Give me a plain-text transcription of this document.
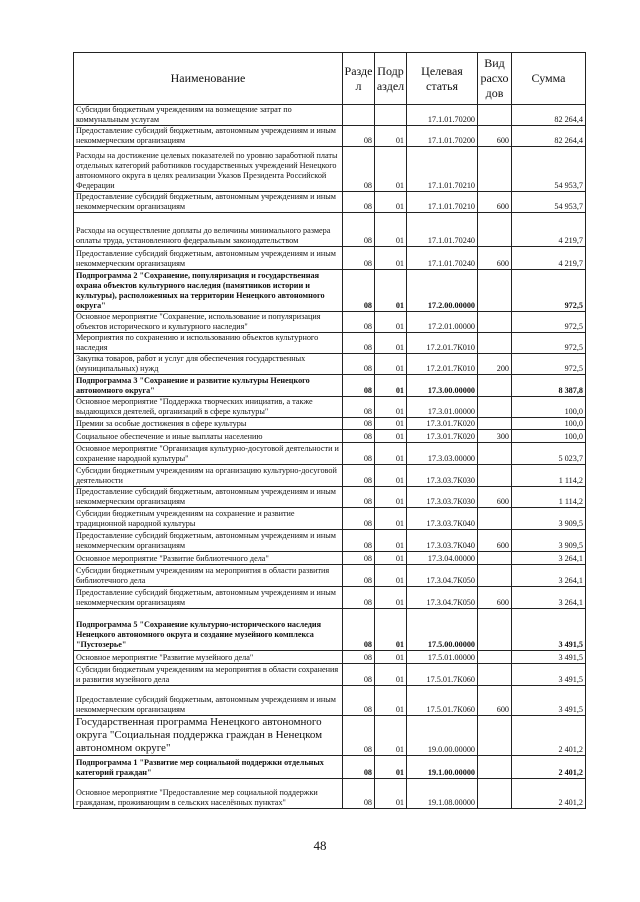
Наименование	Разде л	Подр аздел	Целевая статья	Вид расхо дов	Сумма
Субсидии бюджетным учреждениям на возмещение затрат по коммунальным услугам			17.1.01.70200		82 264,4
Предоставление субсидий бюджетным, автономным учреждениям и иным некоммерческим организациям	08	01	17.1.01.70200	600	82 264,4
Расходы на достижение целевых показателей по уровню заработной платы отдельных категорий работников государственных учреждений Ненецкого автономного округа в целях реализации Указов Президента Российской Федерации	08	01	17.1.01.70210		54 953,7
Предоставление субсидий бюджетным, автономным учреждениям и иным некоммерческим организациям	08	01	17.1.01.70210	600	54 953,7
Расходы на осуществление доплаты до величины минимального размера оплаты труда, установленного федеральным законодательством	08	01	17.1.01.70240		4 219,7
Предоставление субсидий бюджетным, автономным учреждениям и иным некоммерческим организациям	08	01	17.1.01.70240	600	4 219,7
Подпрограмма 2 "Сохранение, популяризация и государственная охрана объектов культурного наследия (памятников истории и культуры), расположенных на территории Ненецкого автономного округа"	08	01	17.2.00.00000		972,5
Основное мероприятие "Сохранение, использование и популяризация объектов исторического и культурного наследия"	08	01	17.2.01.00000		972,5
Мероприятия по сохранению и использованию объектов культурного наследия	08	01	17.2.01.7К010		972,5
Закупка товаров, работ и услуг для обеспечения государственных (муниципальных) нужд	08	01	17.2.01.7К010	200	972,5
Подпрограмма 3 "Сохранение и развитие культуры Ненецкого автономного округа"	08	01	17.3.00.00000		8 387,8
Основное мероприятие "Поддержка творческих инициатив, а также выдающихся деятелей, организаций в сфере культуры"	08	01	17.3.01.00000		100,0
Премии за особые достижения в сфере культуры	08	01	17.3.01.7К020		100,0
Социальное обеспечение и иные выплаты населению	08	01	17.3.01.7К020	300	100,0
Основное мероприятие "Организация культурно-досуговой деятельности и сохранение народной культуры"	08	01	17.3.03.00000		5 023,7
Субсидии бюджетным учреждениям на организацию культурно-досуговой деятельности	08	01	17.3.03.7К030		1 114,2
Предоставление субсидий бюджетным, автономным учреждениям и иным некоммерческим организациям	08	01	17.3.03.7К030	600	1 114,2
Субсидии бюджетным учреждениям на сохранение и развитие традиционной народной культуры	08	01	17.3.03.7К040		3 909,5
Предоставление субсидий бюджетным, автономным учреждениям и иным некоммерческим организациям	08	01	17.3.03.7К040	600	3 909,5
Основное мероприятие "Развитие библиотечного дела"	08	01	17.3.04.00000		3 264,1
Субсидии бюджетным учреждениям на мероприятия в области развития библиотечного дела	08	01	17.3.04.7К050		3 264,1
Предоставление субсидий бюджетным, автономным учреждениям и иным некоммерческим организациям	08	01	17.3.04.7К050	600	3 264,1
Подпрограмма 5 "Сохранение культурно-исторического наследия Ненецкого автономного округа и создание музейного комплекса "Пустозерье"	08	01	17.5.00.00000		3 491,5
Основное мероприятие "Развитие музейного дела"	08	01	17.5.01.00000		3 491,5
Субсидии бюджетным учреждениям на мероприятия в области сохранения и развития музейного дела	08	01	17.5.01.7К060		3 491,5
Предоставление субсидий бюджетным, автономным учреждениям и иным некоммерческим организациям	08	01	17.5.01.7К060	600	3 491,5
Государственная программа Ненецкого автономного округа "Социальная поддержка граждан в Ненецком автономном округе"	08	01	19.0.00.00000		2 401,2
Подпрограмма 1 "Развитие мер социальной поддержки отдельных категорий граждан"	08	01	19.1.00.00000		2 401,2
Основное мероприятие "Предоставление мер социальной поддержки гражданам, проживающим в сельских населённых пунктах"	08	01	19.1.08.00000		2 401,2
48
